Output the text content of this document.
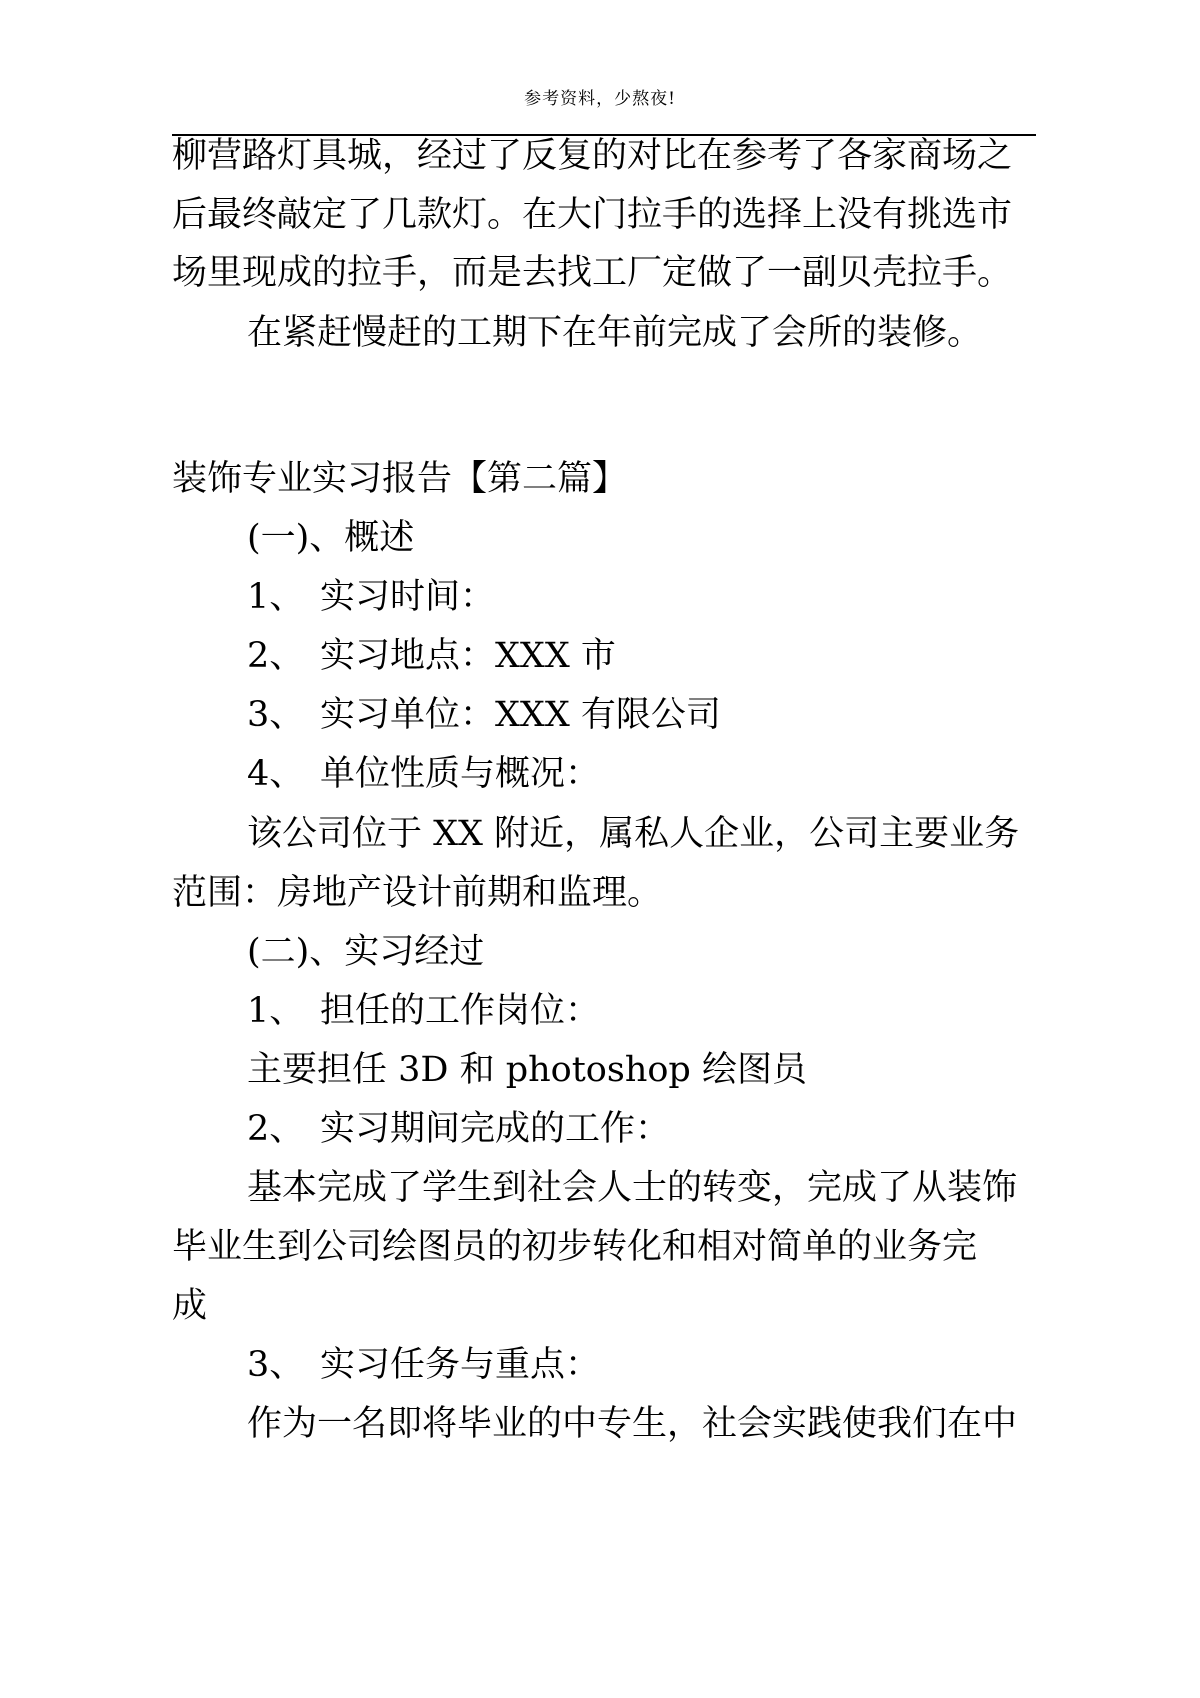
参考资料，少熬夜!
柳营路灯具城，经过了反复的对比在参考了各家商场之
后最终敲定了几款灯。在大门拉手的选择上没有挑选市
场里现成的拉手，而是去找工厂定做了一副贝壳拉手。
在紧赶慢赶的工期下在年前完成了会所的装修。
装饰专业实习报告【第二篇】
(一)、概述
1、 实习时间：
2、 实习地点：XXX 市
3、 实习单位：XXX 有限公司
4、 单位性质与概况：
该公司位于 XX 附近，属私人企业，公司主要业务
范围：房地产设计前期和监理。
(二)、实习经过
1、 担任的工作岗位：
主要担任 3D 和 photoshop 绘图员
2、 实习期间完成的工作：
基本完成了学生到社会人士的转变，完成了从装饰
毕业生到公司绘图员的初步转化和相对简单的业务完
成
3、 实习任务与重点：
作为一名即将毕业的中专生，社会实践使我们在中
